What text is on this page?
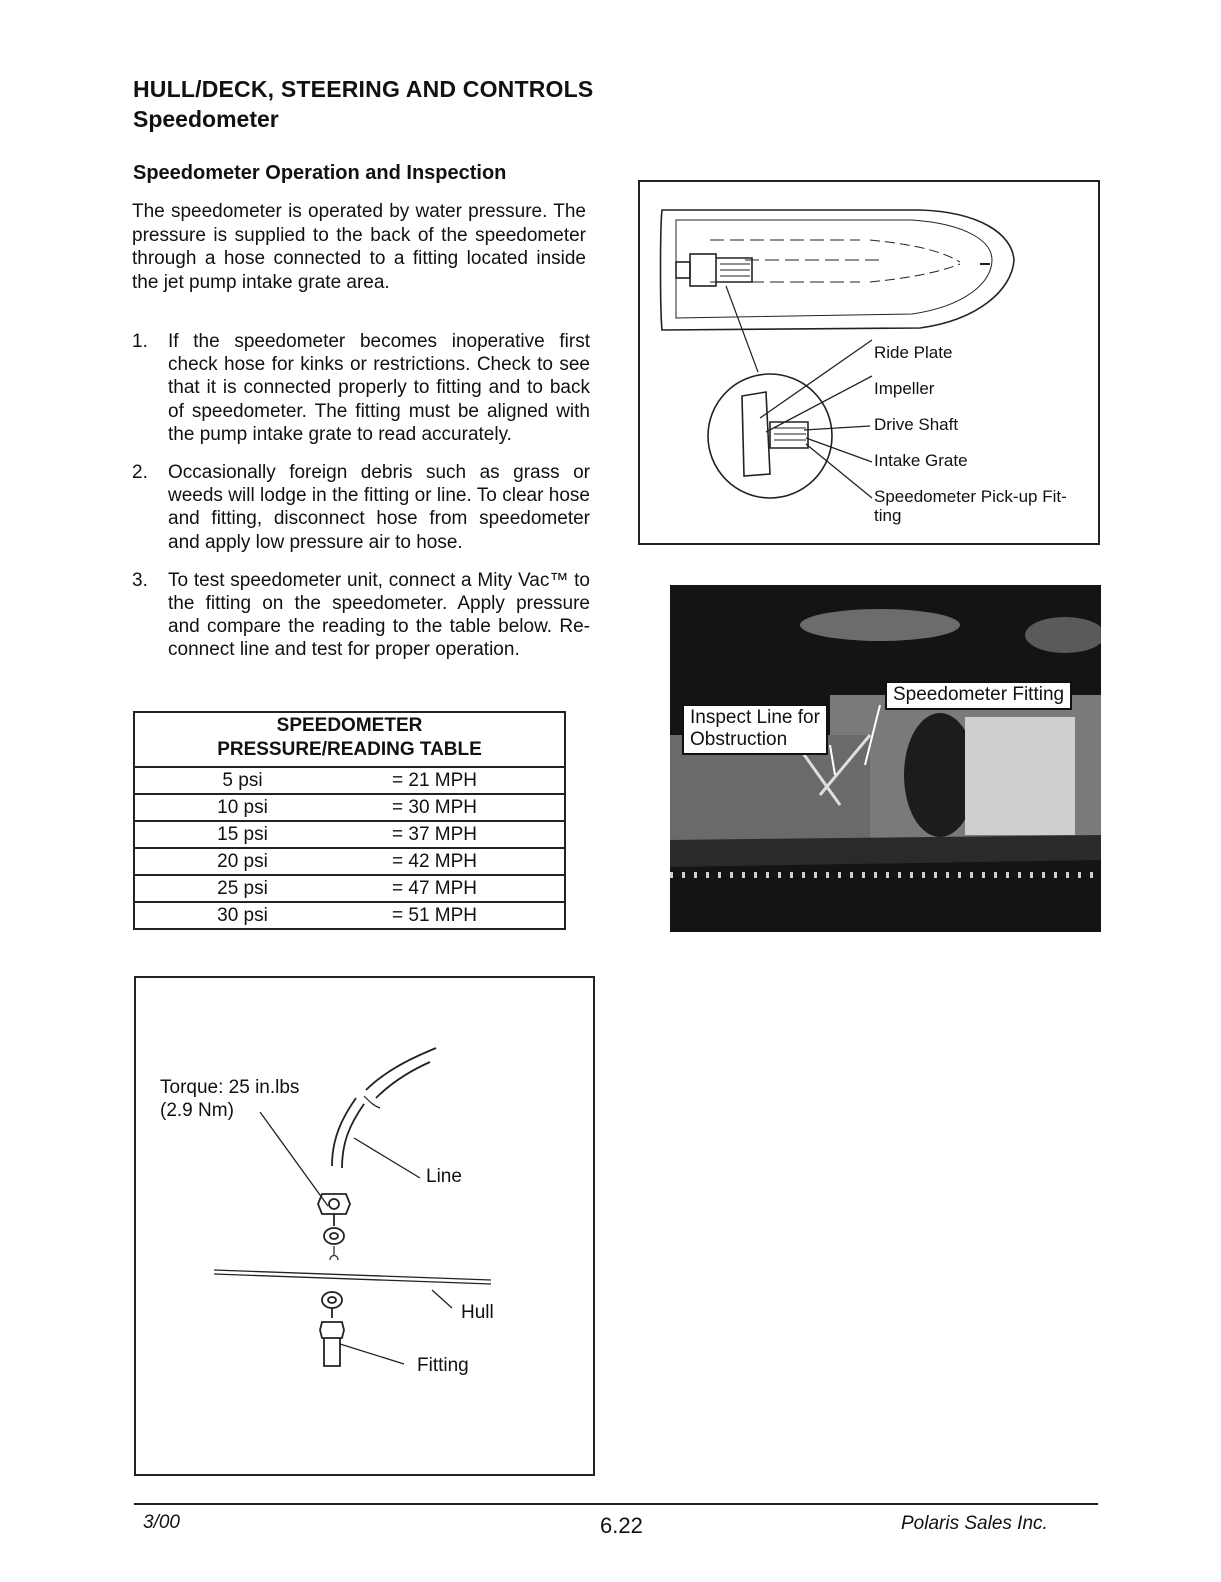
HULL/DECK, STEERING AND CONTROLS
Speedometer
Speedometer Operation and Inspection
The speedometer is operated by water pressure. The pressure is supplied to the back of the speedometer through a hose connected to a fitting located inside the jet pump intake grate area.
1. If the speedometer becomes inoperative first check hose for kinks or restrictions. Check to see that it is connected properly to fitting and to back of speedometer. The fitting must be aligned with the pump intake grate to read accurately.
2. Occasionally foreign debris such as grass or weeds will lodge in the fitting or line. To clear hose and fitting, disconnect hose from speedometer and apply low pressure air to hose.
3. To test speedometer unit, connect a Mity Vac™ to the fitting on the speedometer. Apply pressure and compare the reading to the table below. Re-connect line and test for proper operation.
SPEEDOMETER
PRESSURE/READING TABLE	
5 psi	= 21 MPH
10 psi	= 30 MPH
15 psi	= 37 MPH
20 psi	= 42 MPH
25 psi	= 47 MPH
30 psi	= 51 MPH
Ride Plate
Impeller
Drive Shaft
Intake Grate
Speedometer Pick-up Fit-
ting
Speedometer Fitting
Inspect Line for
Obstruction
Torque: 25 in.lbs
(2.9 Nm)
Line
Hull
Fitting
3/00	6.22	Polaris Sales Inc.
